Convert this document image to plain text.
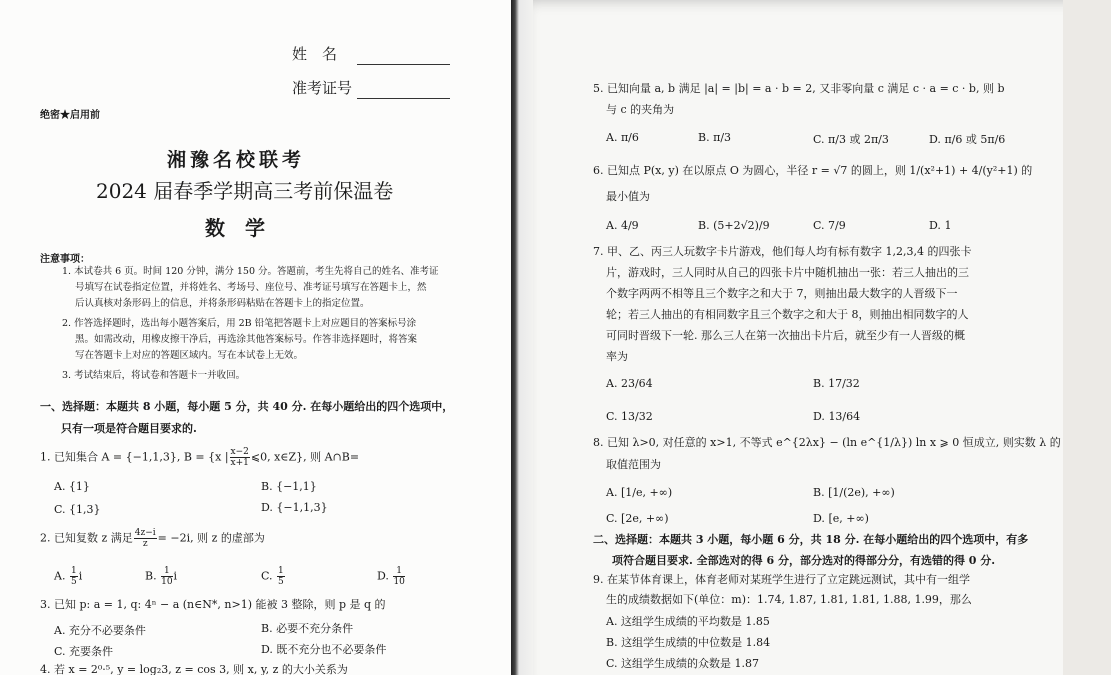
姓　名
准考证号
绝密★启用前
湘豫名校联考
2024 届春季学期高三考前保温卷
数　学
注意事项：
1. 本试卷共 6 页。时间 120 分钟，满分 150 分。答题前，考生先将自己的姓名、准考证
号填写在试卷指定位置，并将姓名、考场号、座位号、准考证号填写在答题卡上，然
后认真核对条形码上的信息，并将条形码粘贴在答题卡上的指定位置。
2. 作答选择题时，选出每小题答案后，用 2B 铅笔把答题卡上对应题目的答案标号涂
黑。如需改动，用橡皮擦干净后，再选涂其他答案标号。作答非选择题时，将答案
写在答题卡上对应的答题区域内。写在本试卷上无效。
3. 考试结束后，将试卷和答题卡一并收回。
一、选择题：本题共 8 小题，每小题 5 分，共 40 分. 在每小题给出的四个选项中，
只有一项是符合题目要求的.
1. 已知集合 A = {−1,1,3}, B = {x | $\frac{x-2}{x+1}$ ⩽0, x∈Z}, 则 A∩B=
A. {1}	B. {−1,1}
C. {1,3}	D. {−1,1,3}
2. 已知复数 z 满足 $\frac{4z-i}{z} = -2i$, 则 z 的虚部为
A. $\frac{1}{5}$ i	B. $\frac{1}{10}$ i	C. $\frac{1}{5}$	D. $\frac{1}{10}$
3. 已知 p: a = 1, q: 4ⁿ − a (n∈N*, n>1) 能被 3 整除，则 p 是 q 的
A. 充分不必要条件	B. 必要不充分条件
C. 充要条件	D. 既不充分也不必要条件
4. 若 x = 2⁰·⁵, y = log₂3, z = cos 3, 则 x, y, z 的大小关系为
5. 已知向量 a, b 满足 |a| = |b| = a · b = 2, 又非零向量 c 满足 c · a = c · b, 则 b
与 c 的夹角为
A. π/6	B. π/3	C. π/3 或 2π/3	D. π/6 或 5π/6
6. 已知点 P(x, y) 在以原点 O 为圆心，半径 r = √7 的圆上，则 1/(x²+1) + 4/(y²+1) 的
最小值为
A. 4/9	B. (5+2√2)/9	C. 7/9	D. 1
7. 甲、乙、丙三人玩数字卡片游戏，他们每人均有标有数字 1,2,3,4 的四张卡
片，游戏时，三人同时从自己的四张卡片中随机抽出一张：若三人抽出的三
个数字两两不相等且三个数字之和大于 7，则抽出最大数字的人晋级下一
轮；若三人抽出的有相同数字且三个数字之和大于 8，则抽出相同数字的人
可同时晋级下一轮. 那么三人在第一次抽出卡片后，就至少有一人晋级的概
率为
A. 23/64	B. 17/32
C. 13/32	D. 13/64
8. 已知 λ>0, 对任意的 x>1, 不等式 e^{2λx} − (ln e^{1/λ}) ln x ⩾ 0 恒成立, 则实数 λ 的
取值范围为
A. [1/e, +∞)	B. [1/(2e), +∞)
C. [2e, +∞)	D. [e, +∞)
二、选择题：本题共 3 小题，每小题 6 分，共 18 分. 在每小题给出的四个选项中，有多
项符合题目要求. 全部选对的得 6 分，部分选对的得部分分，有选错的得 0 分.
9. 在某节体育课上，体育老师对某班学生进行了立定跳远测试，其中有一组学
生的成绩数据如下(单位：m)：1.74, 1.87, 1.81, 1.81, 1.88, 1.99，那么
A. 这组学生成绩的平均数是 1.85
B. 这组学生成绩的中位数是 1.84
C. 这组学生成绩的众数是 1.87
